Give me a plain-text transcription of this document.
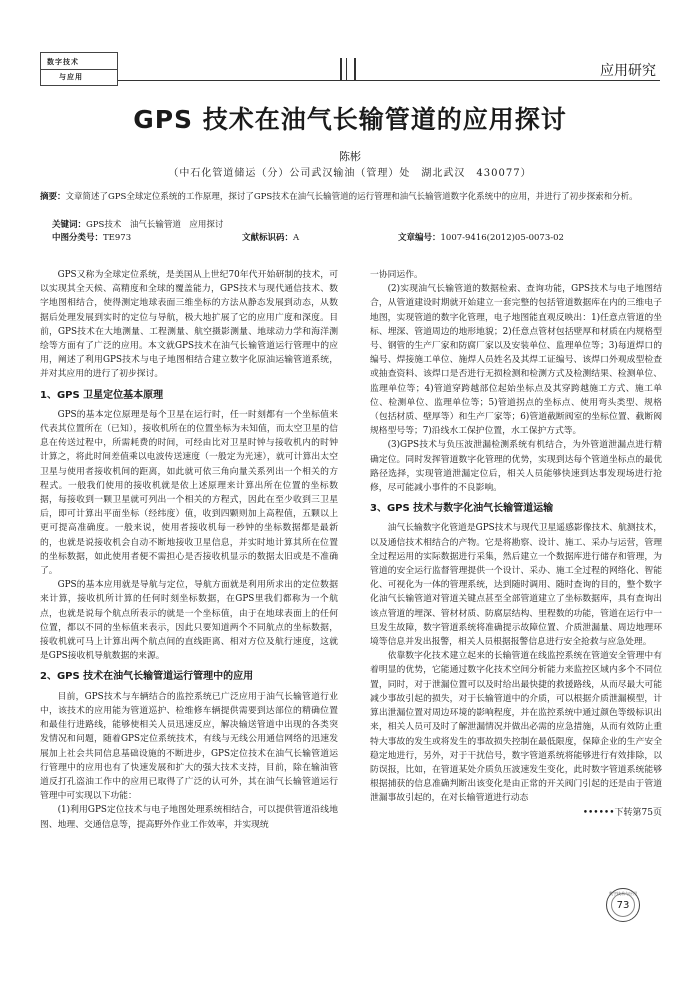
数字技术
与应用	应用研究
GPS 技术在油气长输管道的应用探讨
陈彬
（中石化管道储运（分）公司武汉输油（管理）处　湖北武汉　430077）
摘要：文章简述了GPS全球定位系统的工作原理，探讨了GPS技术在油气长输管道的运行管理和油气长输管道数字化系统中的应用，并进行了初步探索和分析。
关键词：GPS技术　油气长输管道　应用探讨
中图分类号：TE973	文献标识码：A	文章编号：1007-9416(2012)05-0073-02

GPS又称为全球定位系统，是美国从上世纪70年代开始研制的技术，可以实现其全天候、高精度和全球的覆盖能力，GPS技术与现代通信技术、数字地图相结合，使得测定地球表面三维坐标的方法从静态发展到动态，从数据后处理发展到实时的定位与导航，极大地扩展了它的应用广度和深度。目前，GPS技术在大地测量、工程测量、航空摄影测量、地球动力学和海洋测绘等方面有了广泛的应用。本文就GPS技术在油气长输管道运行管理中的应用，阐述了利用GPS技术与电子地图相结合建立数字化原油运输管道系统，并对其应用的进行了初步探讨。

1、GPS 卫星定位基本原理

GPS的基本定位原理是每个卫星在运行时，任一时刻都有一个坐标值来代表其位置所在（已知），接收机所在的位置坐标为未知值，而太空卫星的信息在传送过程中，所需耗费的时间，可经由比对卫星时钟与接收机内的时钟计算之，将此时间差值乘以电波传送速度（一般定为光速），就可计算出太空卫星与使用者接收机间的距离，如此就可依三角向量关系列出一个相关的方程式。一般我们使用的接收机就是依上述原理来计算出所在位置的坐标数据，每接收到一颗卫星就可列出一个相关的方程式，因此在至少收到三卫星后，即可计算出平面坐标（经纬度）值，收到四颗则加上高程值，五颗以上更可提高准确度。一般来说，使用者接收机每一秒钟的坐标数据都是最新的，也就是说接收机会自动不断地接收卫星信息，并实时地计算其所在位置的坐标数据，如此使用者便不需担心是否接收机显示的数据太旧或是不准确了。

GPS的基本应用就是导航与定位，导航方面就是利用所求出的定位数据来计算，接收机所计算的任何时刻坐标数据，在GPS里我们都称为一个航点，也就是说每个航点所表示的就是一个坐标值，由于在地球表面上的任何位置，都以不同的坐标值来表示，因此只要知道两个不同航点的坐标数据，接收机就可马上计算出两个航点间的直线距离、相对方位及航行速度，这就是GPS接收机导航数据的来源。

2、GPS 技术在油气长输管道运行管理中的应用

目前，GPS技术与车辆结合的监控系统已广泛应用于油气长输管道行业中，该技术的应用能为管道巡护、检维修车辆提供需要到达部位的精确位置和最佳行进路线，能够使相关人员迅速反应，解决输送管道中出现的各类突发情况和问题，随着GPS定位系统技术，有线与无线公用通信网络的迅速发展加上社会共同信息基础设施的不断进步，GPS定位技术在油气长输管道运行管理中的应用也有了快速发展和扩大的强大技术支持，目前，除在输油管道反打孔盗油工作中的应用已取得了广泛的认可外，其在油气长输管道运行管理中可实现以下功能：

(1)利用GPS定位技术与电子地图处理系统相结合，可以提供管道沿线地图、地理、交通信息等，提高野外作业工作效率，并实现统

一协同运作。

(2)实现油气长输管道的数据检索、查询功能，GPS技术与电子地图结合，从管道建设时期就开始建立一套完整的包括管道数据库在内的三维电子地图，实现管道的数字化管理，电子地图能直观反映出：1)任意点管道的坐标、埋深、管道周边的地形地貌；2)任意点管材包括壁厚和材质在内规格型号、钢管的生产厂家和防腐厂家以及安装单位、监理单位等；3)每道焊口的编号、焊接施工单位、施焊人员姓名及其焊工证编号、该焊口外观成型检查或抽查资料、该焊口是否进行无损检测和检测方式及检测结果、检测单位、监理单位等；4)管道穿跨越部位起始坐标点及其穿跨越施工方式、施工单位、检测单位、监理单位等；5)管道拐点的坐标点、使用弯头类型、规格（包括材质、壁厚等）和生产厂家等；6)管道截断阀室的坐标位置、截断阀规格型号等；7)沿线水工保护位置，水工保护方式等。

(3)GPS技术与负压波泄漏检测系统有机结合，为外管道泄漏点进行精确定位。同时发挥管道数字化管理的优势，实现到达每个管道坐标点的最优路径选择，实现管道泄漏定位后，相关人员能够快速到达事发现场进行抢修，尽可能减小事件的不良影响。

3、GPS 技术与数字化油气长输管道运输

油气长输数字化管道是GPS技术与现代卫星遥感影像技术、航测技术，以及通信技术相结合的产物。它是将勘察、设计、施工、采办与运营，管理全过程运用的实际数据进行采集，然后建立一个数据库进行储存和管理，为管道的安全运行监督管理提供一个设计、采办、施工全过程的网络化、智能化、可视化为一体的管理系统，达到随时调用、随时查询的目的，整个数字化油气长输管道对管道关键点甚至全部管道建立了坐标数据库，具有查询出该点管道的埋深、管材材质、防腐层结构、里程数的功能，管道在运行中一旦发生故障，数字管道系统将准确提示故障位置、介质泄漏量、周边地理环境等信息并发出报警，相关人员根据报警信息进行安全抢救与应急处理。

依靠数字化技术建立起来的长输管道在线监控系统在管道安全管理中有着明显的优势，它能通过数字化技术空间分析能力来监控区域内多个不同位置，同时，对于泄漏位置可以及时给出最快捷的救援路线，从而尽最大可能减少事故引起的损失，对于长输管道中的介质，可以根据介质泄漏模型，计算出泄漏位置对周边环境的影响程度，并在监控系统中通过颜色等级标识出来，相关人员可及时了解泄漏情况并做出必需的应急措施，从而有效防止重特大事故的发生或将发生的事故损失控制在最低限度，保障企业的生产安全稳定地进行，另外，对于干扰信号，数字管道系统将能够进行有效排除，以防误报，比如，在管道某处介质负压波速发生变化，此时数字管道系统能够根据捕获的信息准确判断出该变化是由正常的开关阀门引起的还是由于管道泄漏事故引起的，在对长输管道进行动态

••••••下转第75页
数字技术与应用
73
